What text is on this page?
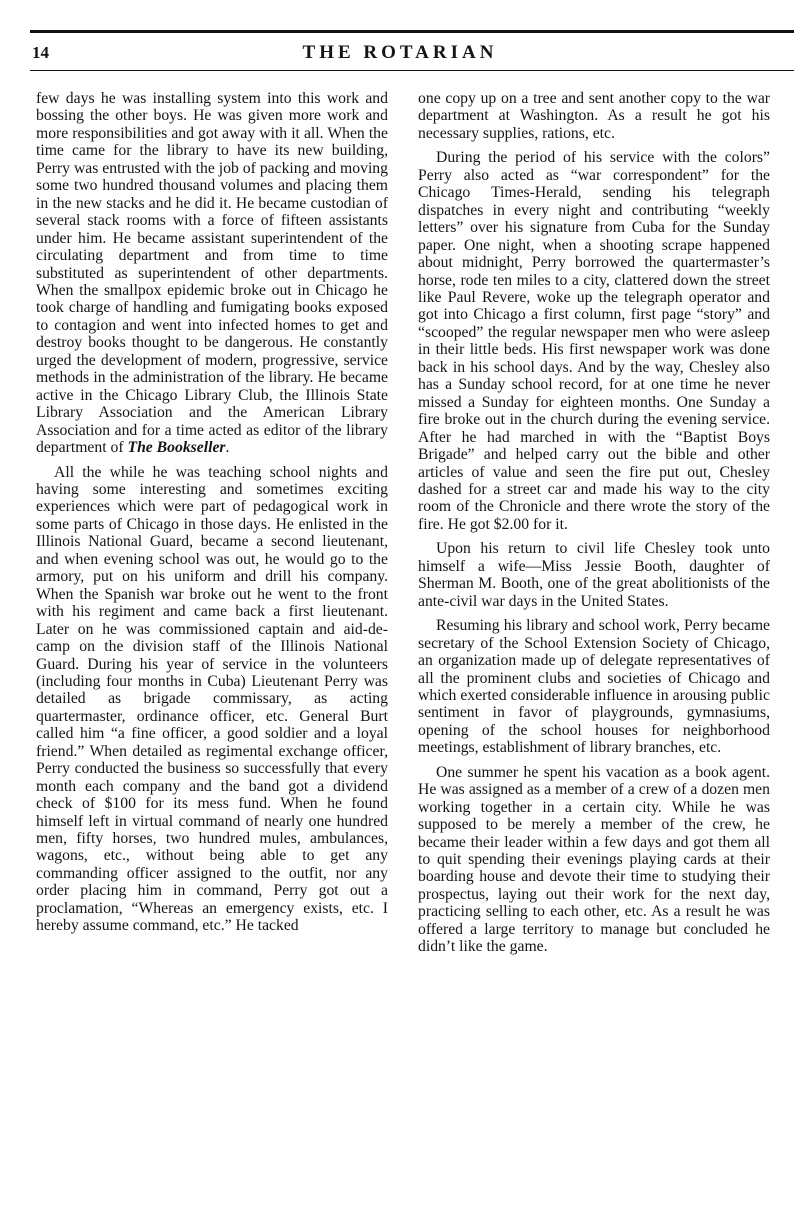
14	THE ROTARIAN

few days he was installing system into this work and bossing the other boys. He was given more work and more responsibilities and got away with it all. When the time came for the library to have its new building, Perry was entrusted with the job of packing and moving some two hundred thousand volumes and placing them in the new stacks and he did it. He became custodian of several stack rooms with a force of fifteen assistants under him. He became assistant superintendent of the circulating department and from time to time substituted as superintendent of other departments. When the smallpox epidemic broke out in Chicago he took charge of handling and fumigating books exposed to contagion and went into infected homes to get and destroy books thought to be dangerous. He constantly urged the development of modern, progressive, service methods in the administration of the library. He became active in the Chicago Library Club, the Illinois State Library Association and the American Library Association and for a time acted as editor of the library department of The Bookseller.

All the while he was teaching school nights and having some interesting and sometimes exciting experiences which were part of pedagogical work in some parts of Chicago in those days. He enlisted in the Illinois National Guard, became a second lieutenant, and when evening school was out, he would go to the armory, put on his uniform and drill his company. When the Spanish war broke out he went to the front with his regiment and came back a first lieutenant. Later on he was commissioned captain and aid-de-camp on the division staff of the Illinois National Guard. During his year of service in the volunteers (including four months in Cuba) Lieutenant Perry was detailed as brigade commissary, as acting quartermaster, ordinance officer, etc. General Burt called him “a fine officer, a good soldier and a loyal friend.” When detailed as regimental exchange officer, Perry conducted the business so successfully that every month each company and the band got a dividend check of $100 for its mess fund. When he found himself left in virtual command of nearly one hundred men, fifty horses, two hundred mules, ambulances, wagons, etc., without being able to get any commanding officer assigned to the outfit, nor any order placing him in command, Perry got out a proclamation, “Whereas an emergency exists, etc. I hereby assume command, etc.” He tacked

one copy up on a tree and sent another copy to the war department at Washington. As a result he got his necessary supplies, rations, etc.

During the period of his service with the colors” Perry also acted as “war correspondent” for the Chicago Times-Herald, sending his telegraph dispatches in every night and contributing “weekly letters” over his signature from Cuba for the Sunday paper. One night, when a shooting scrape happened about midnight, Perry borrowed the quartermaster’s horse, rode ten miles to a city, clattered down the street like Paul Revere, woke up the telegraph operator and got into Chicago a first column, first page “story” and “scooped” the regular newspaper men who were asleep in their little beds. His first newspaper work was done back in his school days. And by the way, Chesley also has a Sunday school record, for at one time he never missed a Sunday for eighteen months. One Sunday a fire broke out in the church during the evening service. After he had marched in with the “Baptist Boys Brigade” and helped carry out the bible and other articles of value and seen the fire put out, Chesley dashed for a street car and made his way to the city room of the Chronicle and there wrote the story of the fire. He got $2.00 for it.

Upon his return to civil life Chesley took unto himself a wife—Miss Jessie Booth, daughter of Sherman M. Booth, one of the great abolitionists of the ante-civil war days in the United States.

Resuming his library and school work, Perry became secretary of the School Extension Society of Chicago, an organization made up of delegate representatives of all the prominent clubs and societies of Chicago and which exerted considerable influence in arousing public sentiment in favor of playgrounds, gymnasiums, opening of the school houses for neighborhood meetings, establishment of library branches, etc.

One summer he spent his vacation as a book agent. He was assigned as a member of a crew of a dozen men working together in a certain city. While he was supposed to be merely a member of the crew, he became their leader within a few days and got them all to quit spending their evenings playing cards at their boarding house and devote their time to studying their prospectus, laying out their work for the next day, practicing selling to each other, etc. As a result he was offered a large territory to manage but concluded he didn’t like the game.
